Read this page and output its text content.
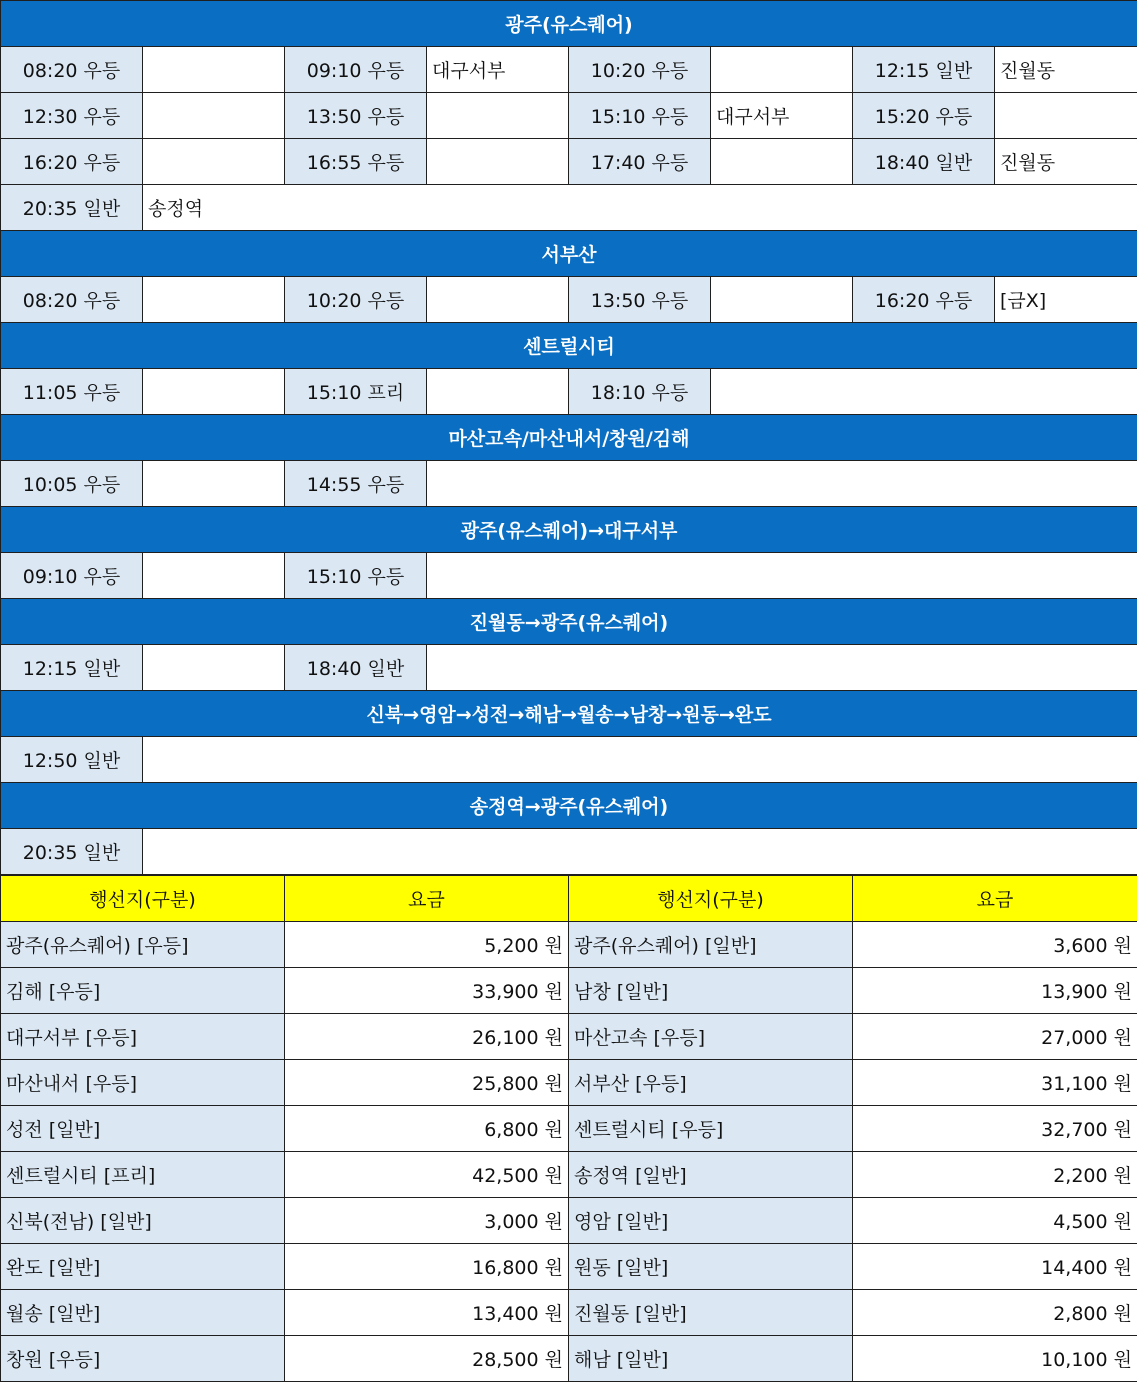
광주(유스퀘어)							
08:20 우등		09:10 우등	대구서부	10:20 우등		12:15 일반	진월동
12:30 우등		13:50 우등		15:10 우등	대구서부	15:20 우등	
16:20 우등		16:55 우등		17:40 우등		18:40 일반	진월동
20:35 일반	송정역						
서부산							
08:20 우등		10:20 우등		13:50 우등		16:20 우등	[금X]
센트럴시티							
11:05 우등		15:10 프리		18:10 우등			
마산고속/마산내서/창원/김해							
10:05 우등		14:55 우등					
광주(유스퀘어)→대구서부							
09:10 우등		15:10 우등					
진월동→광주(유스퀘어)							
12:15 일반		18:40 일반					
신북→영암→성전→해남→월송→남창→원동→완도							
12:50 일반							
송정역→광주(유스퀘어)							
20:35 일반							
행선지(구분)	요금	행선지(구분)	요금
광주(유스퀘어) [우등]	5,200 원	광주(유스퀘어) [일반]	3,600 원
김해 [우등]	33,900 원	남창 [일반]	13,900 원
대구서부 [우등]	26,100 원	마산고속 [우등]	27,000 원
마산내서 [우등]	25,800 원	서부산 [우등]	31,100 원
성전 [일반]	6,800 원	센트럴시티 [우등]	32,700 원
센트럴시티 [프리]	42,500 원	송정역 [일반]	2,200 원
신북(전남) [일반]	3,000 원	영암 [일반]	4,500 원
완도 [일반]	16,800 원	원동 [일반]	14,400 원
월송 [일반]	13,400 원	진월동 [일반]	2,800 원
창원 [우등]	28,500 원	해남 [일반]	10,100 원
